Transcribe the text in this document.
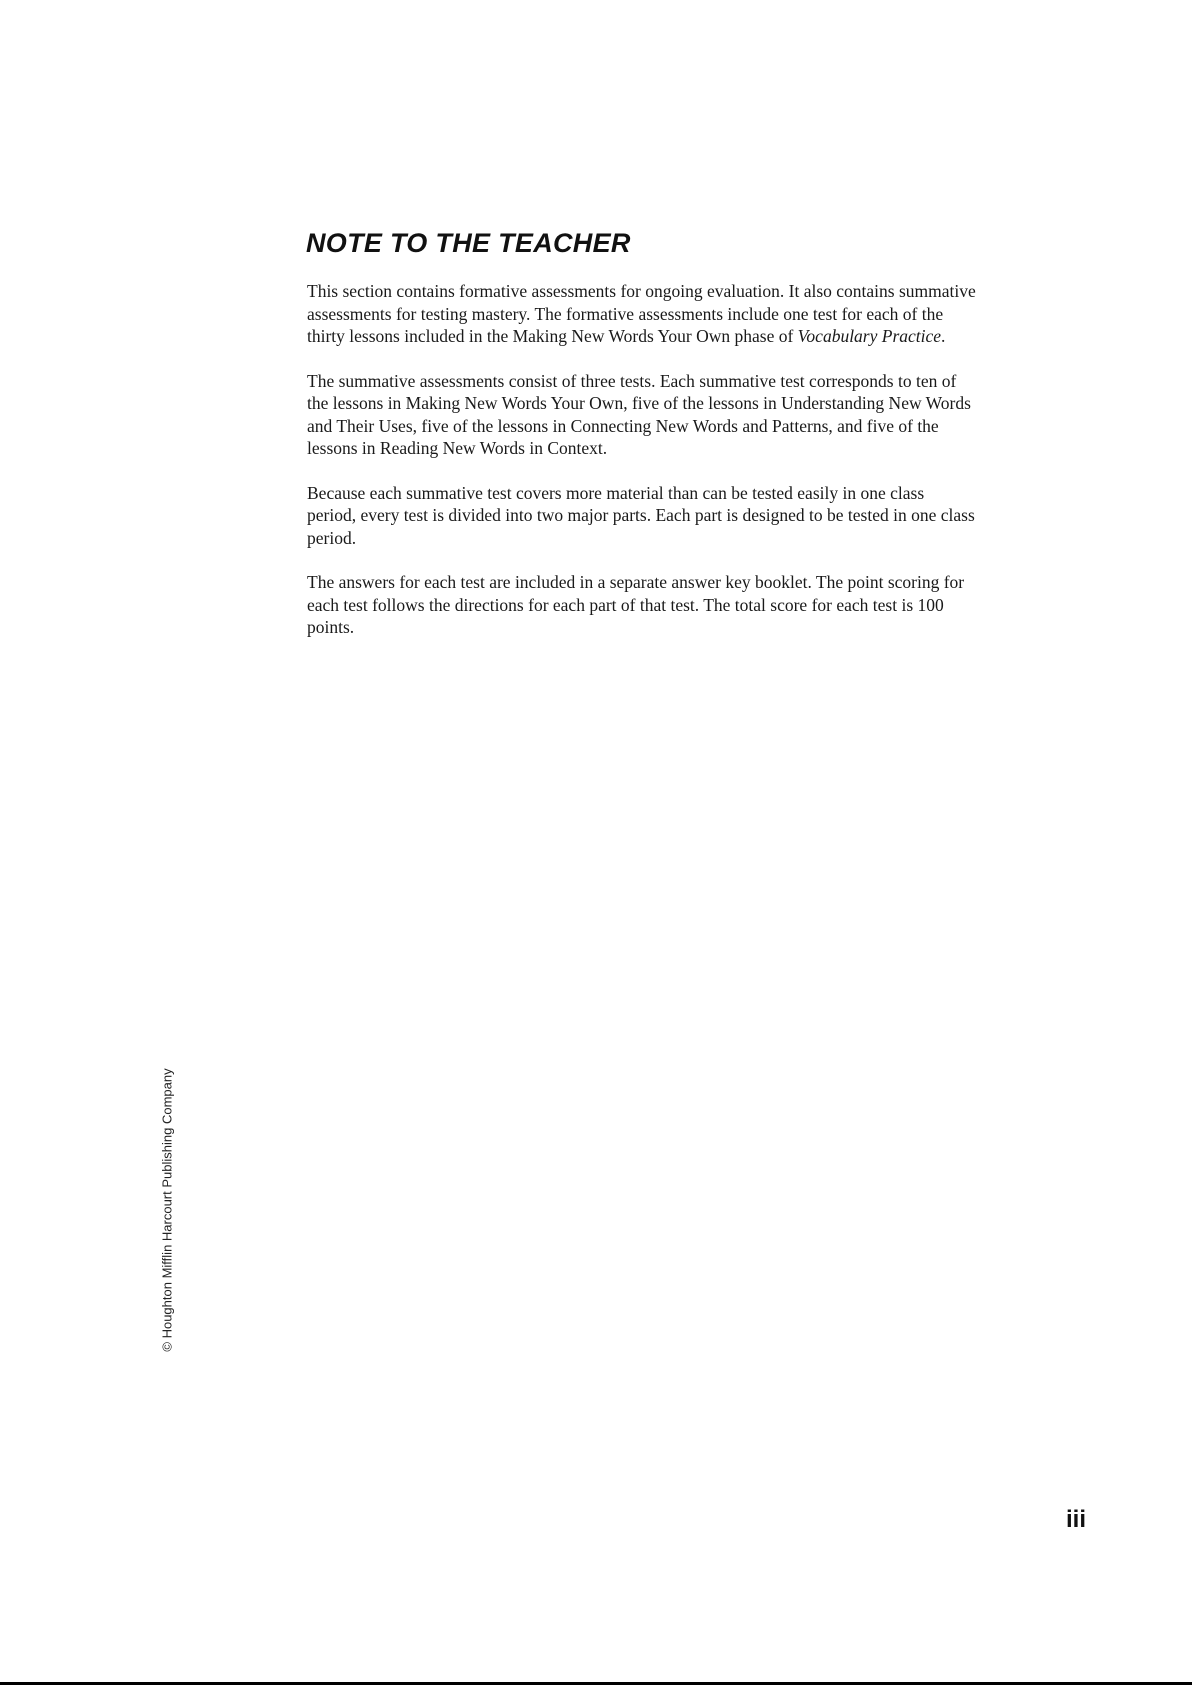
NOTE TO THE TEACHER

This section contains formative assessments for ongoing evaluation. It also contains summative assessments for testing mastery. The formative assessments include one test for each of the thirty lessons included in the Making New Words Your Own phase of Vocabulary Practice.

The summative assessments consist of three tests. Each summative test corresponds to ten of the lessons in Making New Words Your Own, five of the lessons in Understanding New Words and Their Uses, five of the lessons in Connecting New Words and Patterns, and five of the lessons in Reading New Words in Context.

Because each summative test covers more material than can be tested easily in one class period, every test is divided into two major parts. Each part is designed to be tested in one class period.

The answers for each test are included in a separate answer key booklet. The point scoring for each test follows the directions for each part of that test. The total score for each test is 100 points.

© Houghton Mifflin Harcourt Publishing Company
iii
